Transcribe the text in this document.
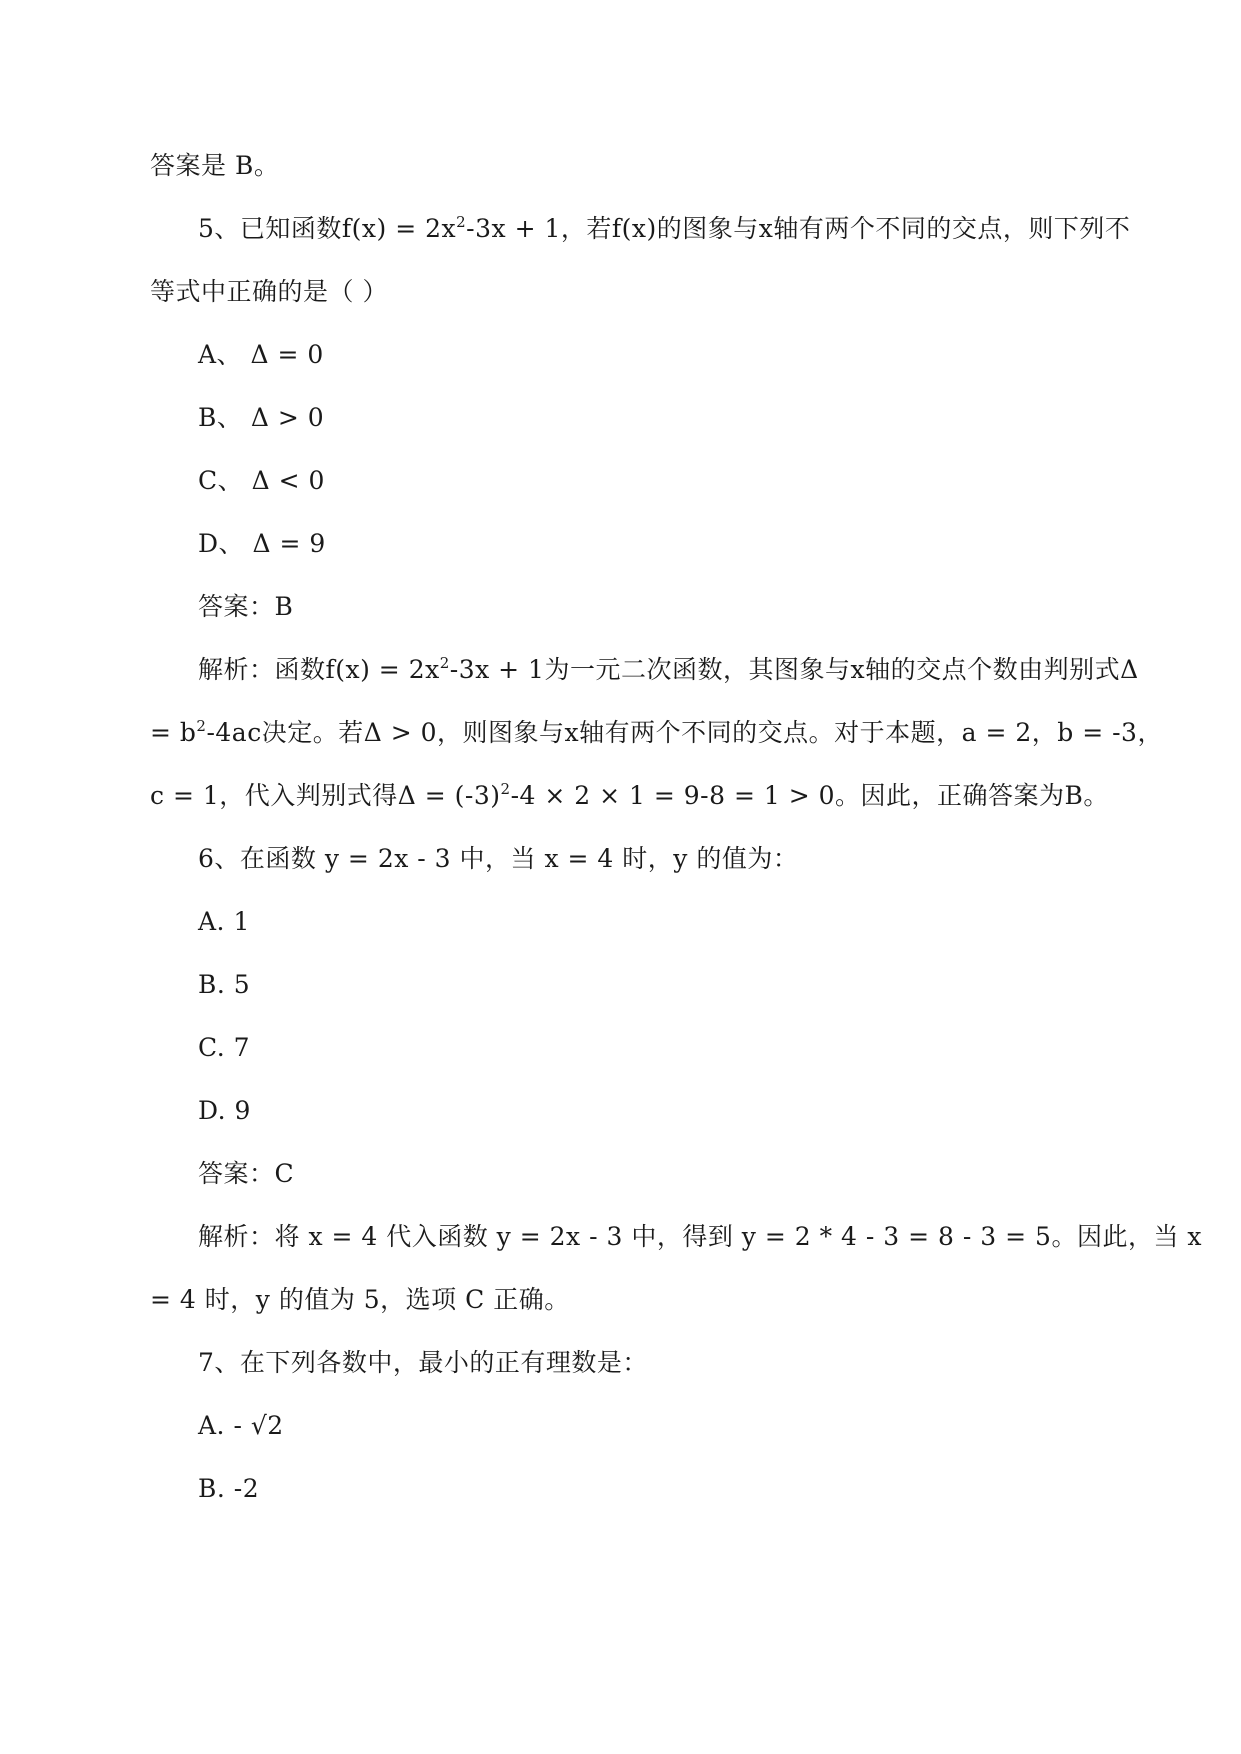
答案是 B。
5、已知函数$f(x) = 2x^2-3x + 1$，若f(x)的图象与x轴有两个不同的交点，则下列不
等式中正确的是（ ）
A、 Δ = 0
B、 Δ > 0
C、 Δ < 0
D、 Δ = 9
答案：B
解析：函数$f(x) = 2x^2-3x + 1$为一元二次函数，其图象与x轴的交点个数由判别式Δ
= $b^2-4ac$决定。若Δ > 0，则图象与x轴有两个不同的交点。对于本题，a = 2，b = -3，
c = 1，代入判别式得$\Delta = (-3)^2-4 \times 2 \times 1 = 9-8 = 1 > 0$。因此，正确答案为B。
6、在函数 y = 2x - 3 中，当 x = 4 时，y 的值为：
A. 1
B. 5
C. 7
D. 9
答案：C
解析：将 x = 4 代入函数 y = 2x - 3 中，得到 y = 2 * 4 - 3 = 8 - 3 = 5。因此，当 x
= 4 时，y 的值为 5，选项 C 正确。
7、在下列各数中，最小的正有理数是：
A. - √2
B. -2
